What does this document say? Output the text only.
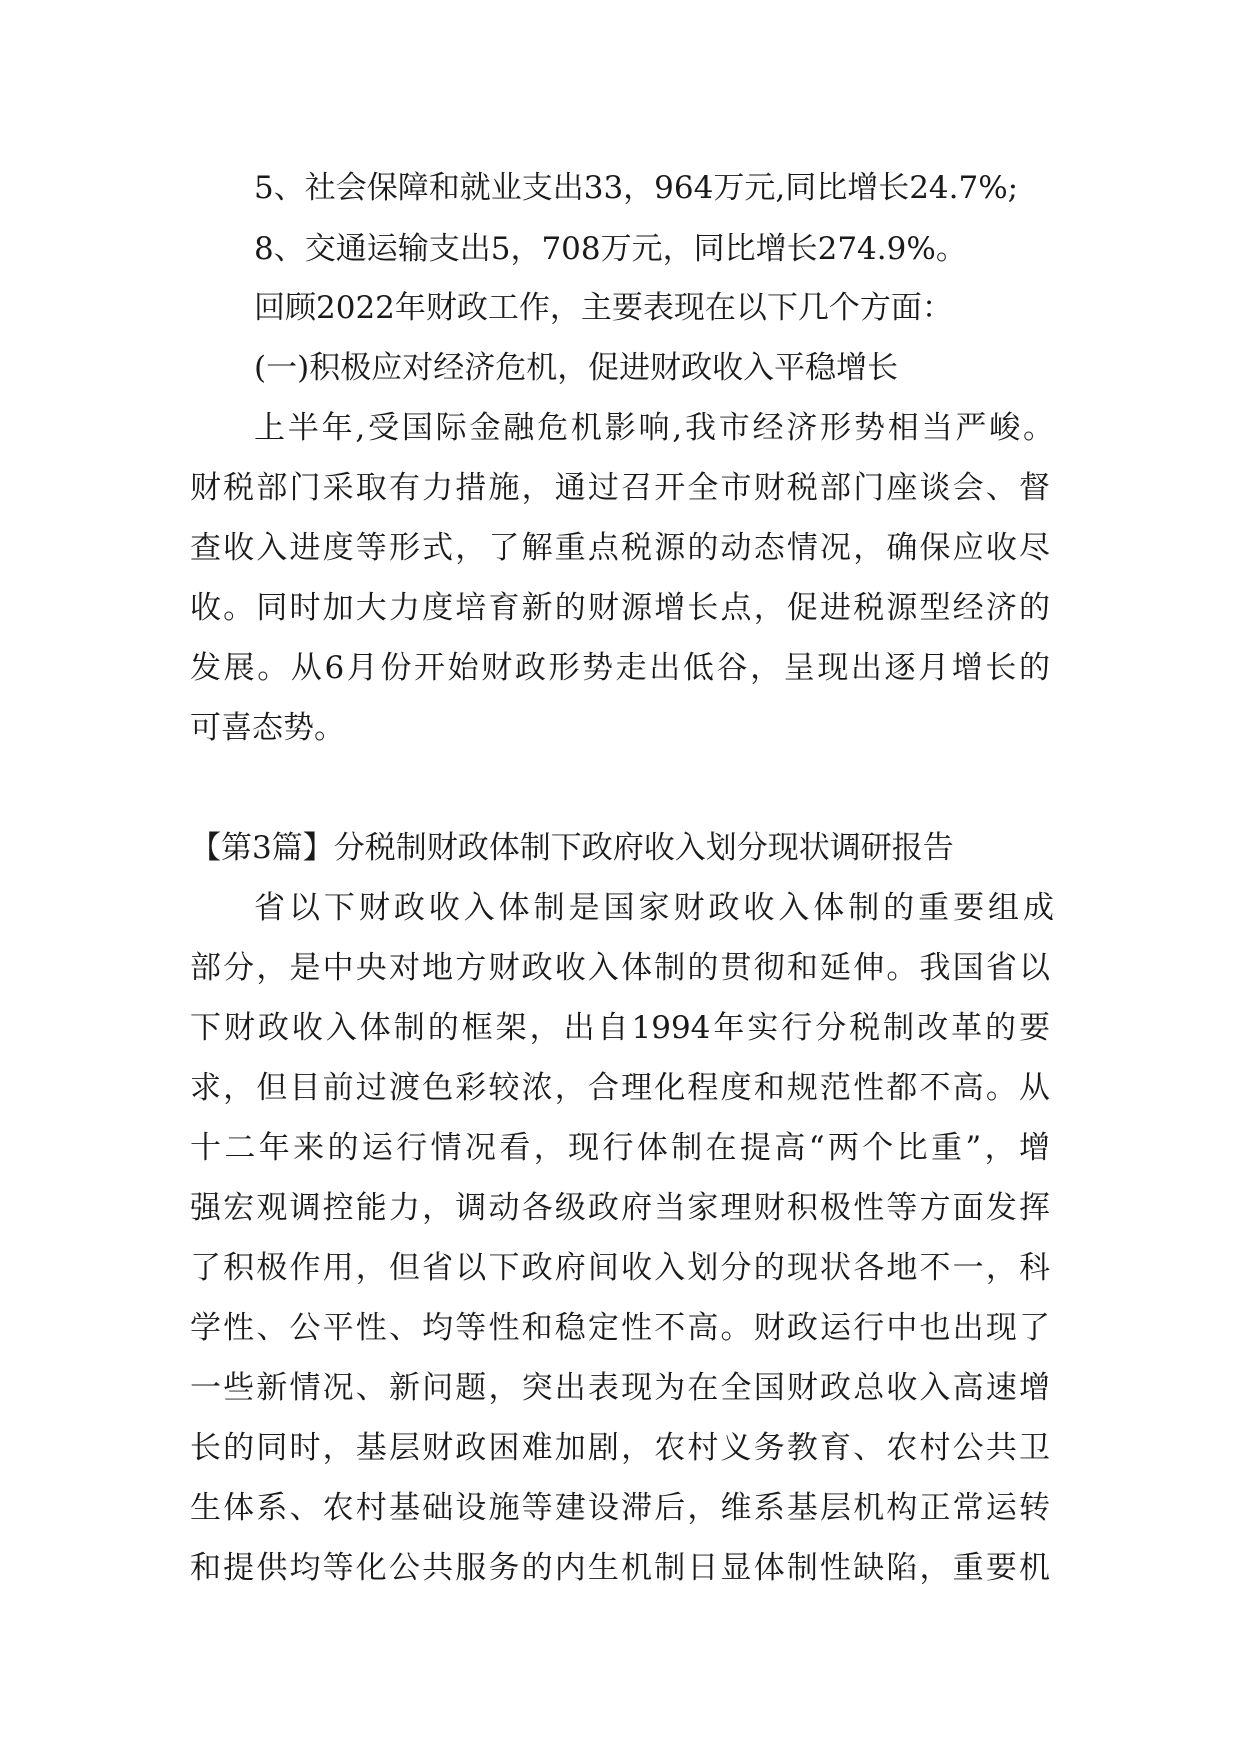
5、社会保障和就业支出33，964万元,同比增长24.7%;
8、交通运输支出5，708万元，同比增长274.9%。
回顾2022年财政工作，主要表现在以下几个方面：
(一)积极应对经济危机，促进财政收入平稳增长
上半年,受国际金融危机影响,我市经济形势相当严峻。
财税部门采取有力措施，通过召开全市财税部门座谈会、督
查收入进度等形式，了解重点税源的动态情况，确保应收尽
收。同时加大力度培育新的财源增长点，促进税源型经济的
发展。从6月份开始财政形势走出低谷，呈现出逐月增长的
可喜态势。
【第3篇】分税制财政体制下政府收入划分现状调研报告
省以下财政收入体制是国家财政收入体制的重要组成
部分，是中央对地方财政收入体制的贯彻和延伸。我国省以
下财政收入体制的框架，出自1994年实行分税制改革的要
求，但目前过渡色彩较浓，合理化程度和规范性都不高。从
十二年来的运行情况看，现行体制在提高“两个比重”，增
强宏观调控能力，调动各级政府当家理财积极性等方面发挥
了积极作用，但省以下政府间收入划分的现状各地不一，科
学性、公平性、均等性和稳定性不高。财政运行中也出现了
一些新情况、新问题，突出表现为在全国财政总收入高速增
长的同时，基层财政困难加剧，农村义务教育、农村公共卫
生体系、农村基础设施等建设滞后，维系基层机构正常运转
和提供均等化公共服务的内生机制日显体制性缺陷，重要机
